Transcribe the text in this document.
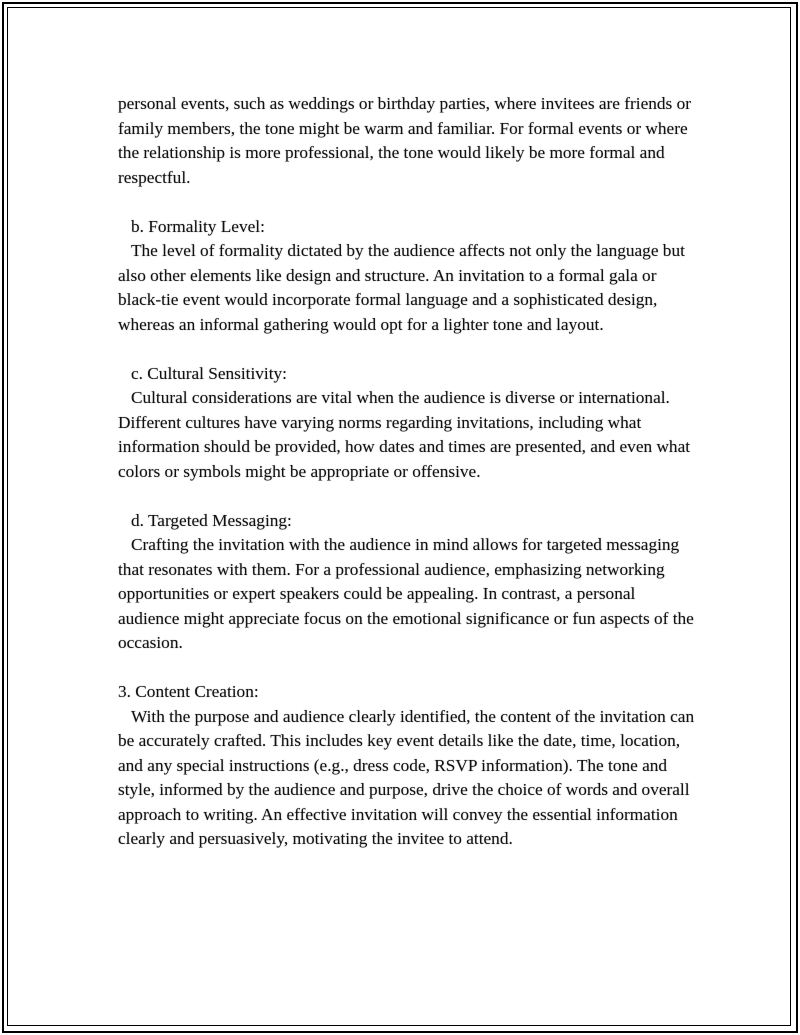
personal events, such as weddings or birthday parties, where invitees are friends or family members, the tone might be warm and familiar. For formal events or where the relationship is more professional, the tone would likely be more formal and respectful.

b. Formality Level:

The level of formality dictated by the audience affects not only the language but also other elements like design and structure. An invitation to a formal gala or black-tie event would incorporate formal language and a sophisticated design, whereas an informal gathering would opt for a lighter tone and layout.

c. Cultural Sensitivity:

Cultural considerations are vital when the audience is diverse or international. Different cultures have varying norms regarding invitations, including what information should be provided, how dates and times are presented, and even what colors or symbols might be appropriate or offensive.

d. Targeted Messaging:

Crafting the invitation with the audience in mind allows for targeted messaging that resonates with them. For a professional audience, emphasizing networking opportunities or expert speakers could be appealing. In contrast, a personal audience might appreciate focus on the emotional significance or fun aspects of the occasion.

3. Content Creation:

With the purpose and audience clearly identified, the content of the invitation can be accurately crafted. This includes key event details like the date, time, location, and any special instructions (e.g., dress code, RSVP information). The tone and style, informed by the audience and purpose, drive the choice of words and overall approach to writing. An effective invitation will convey the essential information clearly and persuasively, motivating the invitee to attend.
